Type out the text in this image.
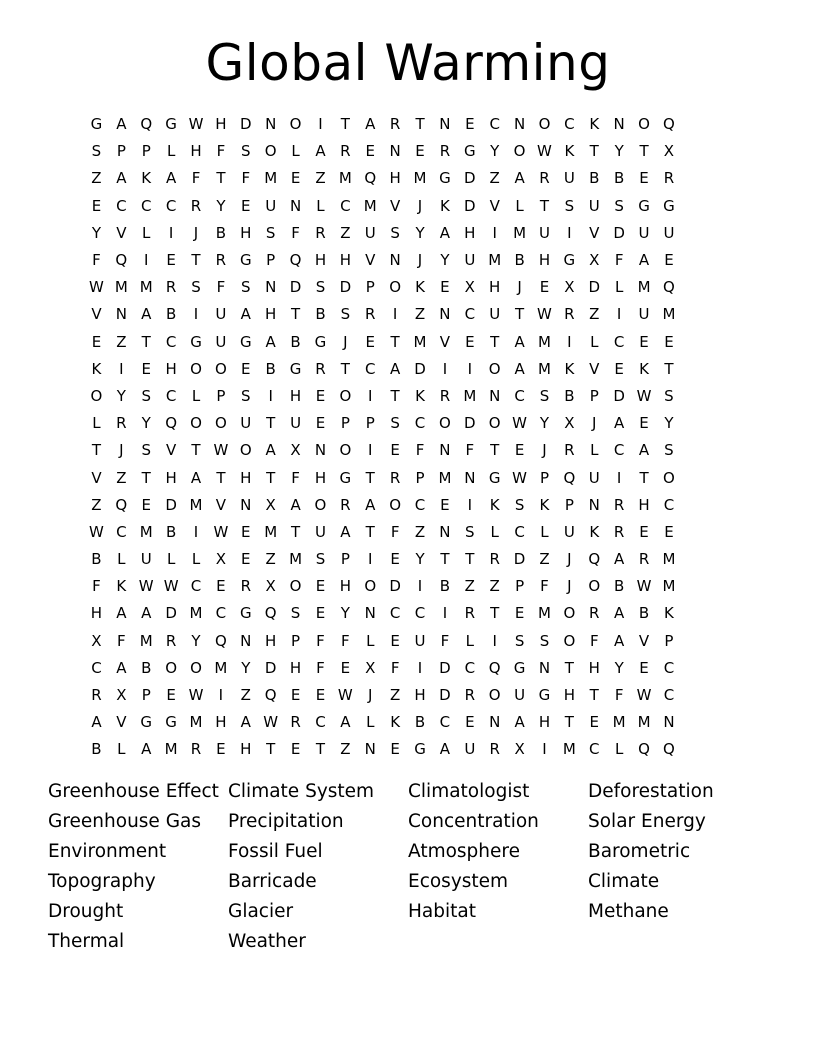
Global Warming
G A Q G W H D N O	I	T	A R	T N E C N O C K N O Q
S	P	P	L	H F	S O L	A R E N E R G Y O W K	T	Y	T	X
Z A K A	F	T	F M E	Z M Q H M G D Z A R U B B	E R
E C C C R	Y	E U N	L	C M V	J	K D V	L	T	S U S G G
Y	V	L	I	J	B H S	F	R Z U S	Y	A H	I	M U	I	V D U U
F Q	I	E	T	R G P Q H H V N	J	Y U M B H G X	F	A	E
W M M R S	F	S N D S D P O K	E	X H	J	E	X D L M Q
V N A B	I	U A H T	B S R	I	Z N C U T W R Z	I	U M
E	Z	T	C G U G A B G	J	E	T M V	E	T	A M	I	L	C E	E
K	I	E H O O E	B G R	T	C A D	I	I	O A M K V	E	K	T
O Y	S C	L	P	S	I	H E O	I	T	K R M N C S B	P D W S
L	R	Y Q O O U T U E	P	P	S C O D O W Y	X	J	A	E	Y
T	J	S	V	T W O A X N O	I	E	F N F	T	E	J	R	L	C A S
V Z	T H A	T H T	F H G T	R	P M N G W P Q U	I	T O
Z Q E D M V N X A O R A O C E	I	K	S	K	P N R H C
W C M B	I	W E M T U A	T	F	Z N S	L	C	L	U K R E	E
B	L	U	L	L	X	E	Z M S	P	I	E	Y	T	T	R D Z	J	Q A R M
F	K W W C E R X O E H O D	I	B Z Z	P	F	J	O B W M
H A A D M C G Q S	E	Y N C C	I	R	T	E M O R A B K
X	F M R	Y Q N H P	F	F	L	E U	F	L	I	S	S O F	A V	P
C A B O O M Y D H F	E	X	F	I	D C Q G N T H Y	E C
R X	P	E W	I	Z Q E	E W	J	Z H D R O U G H T	F W C
A V G G M H A W R C A	L	K B C E N A H T	E M M N
B	L	A M R E H T	E	T	Z N E G A U R X	I	M C	L Q Q
Greenhouse Effect
Greenhouse Gas
Environment
Topography
Drought
Thermal
Climate System
Precipitation
Fossil Fuel
Barricade
Glacier
Weather
Climatologist
Concentration
Atmosphere
Ecosystem
Habitat
Deforestation
Solar Energy
Barometric
Climate
Methane
